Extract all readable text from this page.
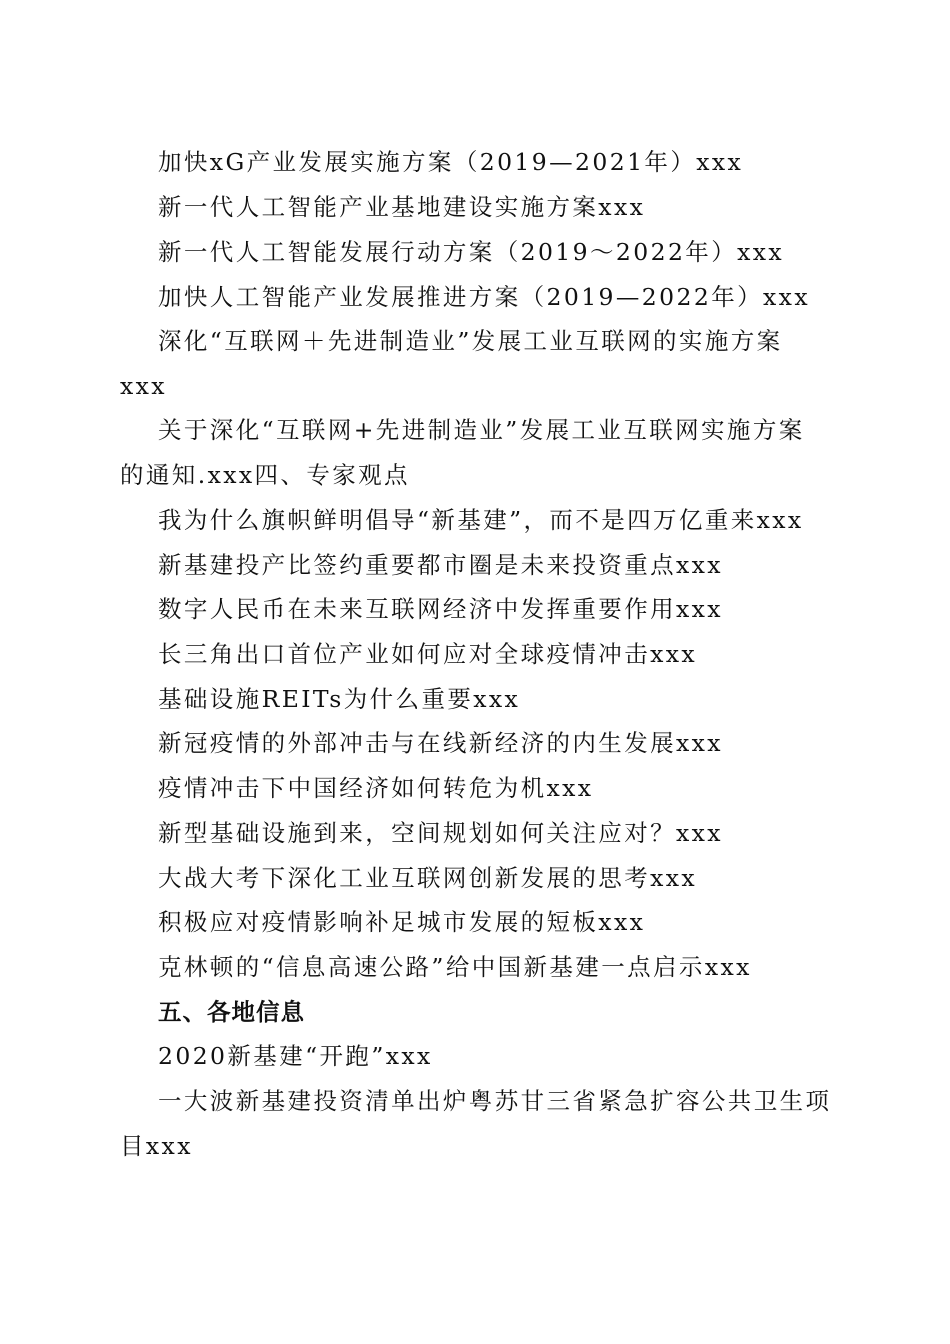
加快xG产业发展实施方案（2019—2021年）xxx
新一代人工智能产业基地建设实施方案xxx
新一代人工智能发展行动方案（2019～2022年）xxx
加快人工智能产业发展推进方案（2019—2022年）xxx
深化“互联网＋先进制造业”发展工业互联网的实施方案
xxx
关于深化“互联网+先进制造业”发展工业互联网实施方案
的通知.xxx四、专家观点
我为什么旗帜鲜明倡导“新基建”，而不是四万亿重来xxx
新基建投产比签约重要都市圈是未来投资重点xxx
数字人民币在未来互联网经济中发挥重要作用xxx
长三角出口首位产业如何应对全球疫情冲击xxx
基础设施REITs为什么重要xxx
新冠疫情的外部冲击与在线新经济的内生发展xxx
疫情冲击下中国经济如何转危为机xxx
新型基础设施到来，空间规划如何关注应对？xxx
大战大考下深化工业互联网创新发展的思考xxx
积极应对疫情影响补足城市发展的短板xxx
克林顿的“信息高速公路”给中国新基建一点启示xxx
五、各地信息
2020新基建“开跑”xxx
一大波新基建投资清单出炉粤苏甘三省紧急扩容公共卫生项
目xxx
